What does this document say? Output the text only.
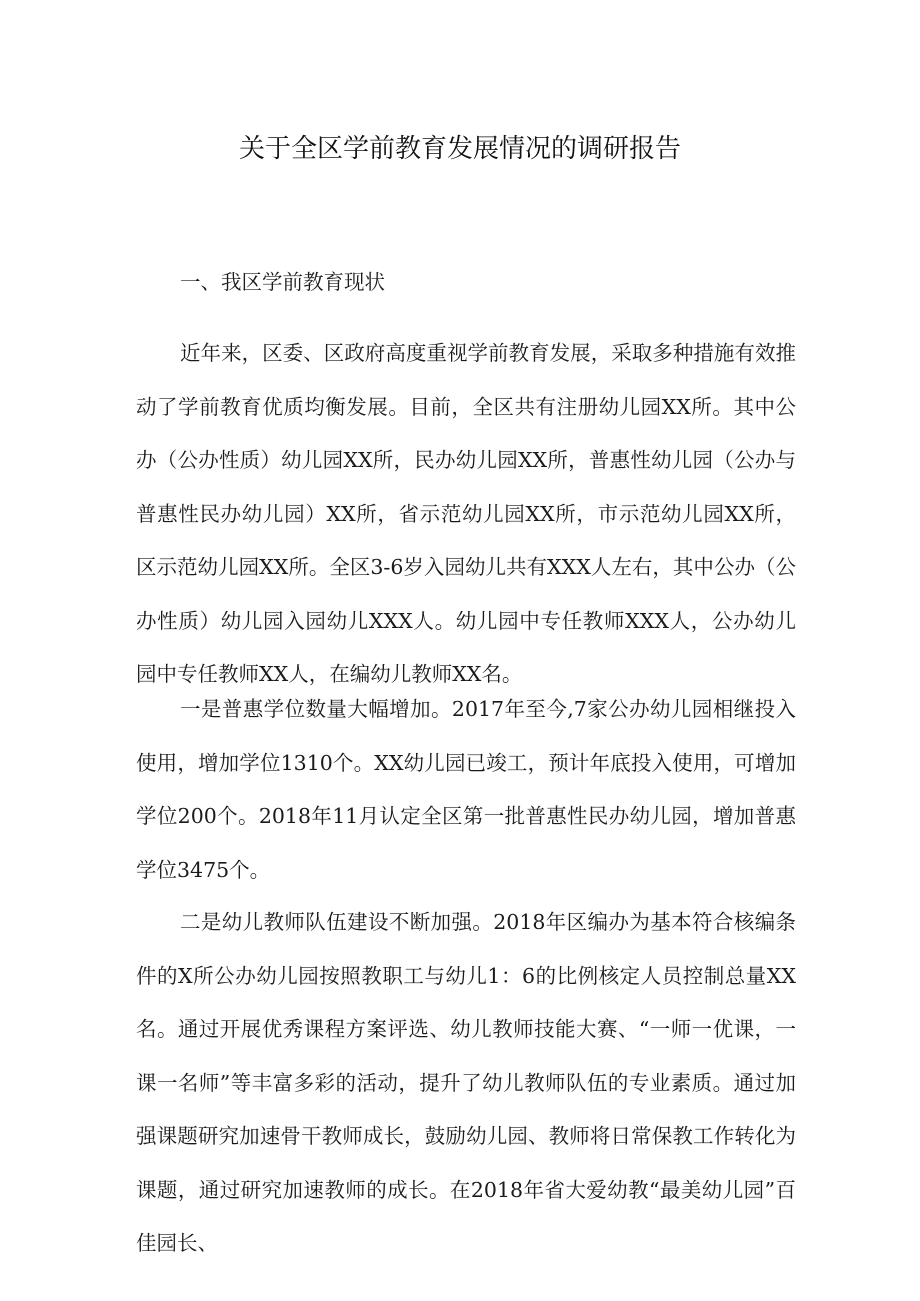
关于全区学前教育发展情况的调研报告

一、我区学前教育现状

近年来，区委、区政府高度重视学前教育发展，采取多种措施有效推动了学前教育优质均衡发展。目前，全区共有注册幼儿园XX所。其中公办（公办性质）幼儿园XX所，民办幼儿园XX所，普惠性幼儿园（公办与普惠性民办幼儿园）XX所，省示范幼儿园XX所，市示范幼儿园XX所，区示范幼儿园XX所。全区3-6岁入园幼儿共有XXX人左右，其中公办（公办性质）幼儿园入园幼儿XXX人。幼儿园中专任教师XXX人，公办幼儿园中专任教师XX人，在编幼儿教师XX名。

一是普惠学位数量大幅增加。2017年至今,7家公办幼儿园相继投入使用，增加学位1310个。XX幼儿园已竣工，预计年底投入使用，可增加学位200个。2018年11月认定全区第一批普惠性民办幼儿园，增加普惠学位3475个。

二是幼儿教师队伍建设不断加强。2018年区编办为基本符合核编条件的X所公办幼儿园按照教职工与幼儿1：6的比例核定人员控制总量XX名。通过开展优秀课程方案评选、幼儿教师技能大赛、“一师一优课，一课一名师”等丰富多彩的活动，提升了幼儿教师队伍的专业素质。通过加强课题研究加速骨干教师成长，鼓励幼儿园、教师将日常保教工作转化为课题，通过研究加速教师的成长。在2018年省大爱幼教“最美幼儿园”百佳园长、
